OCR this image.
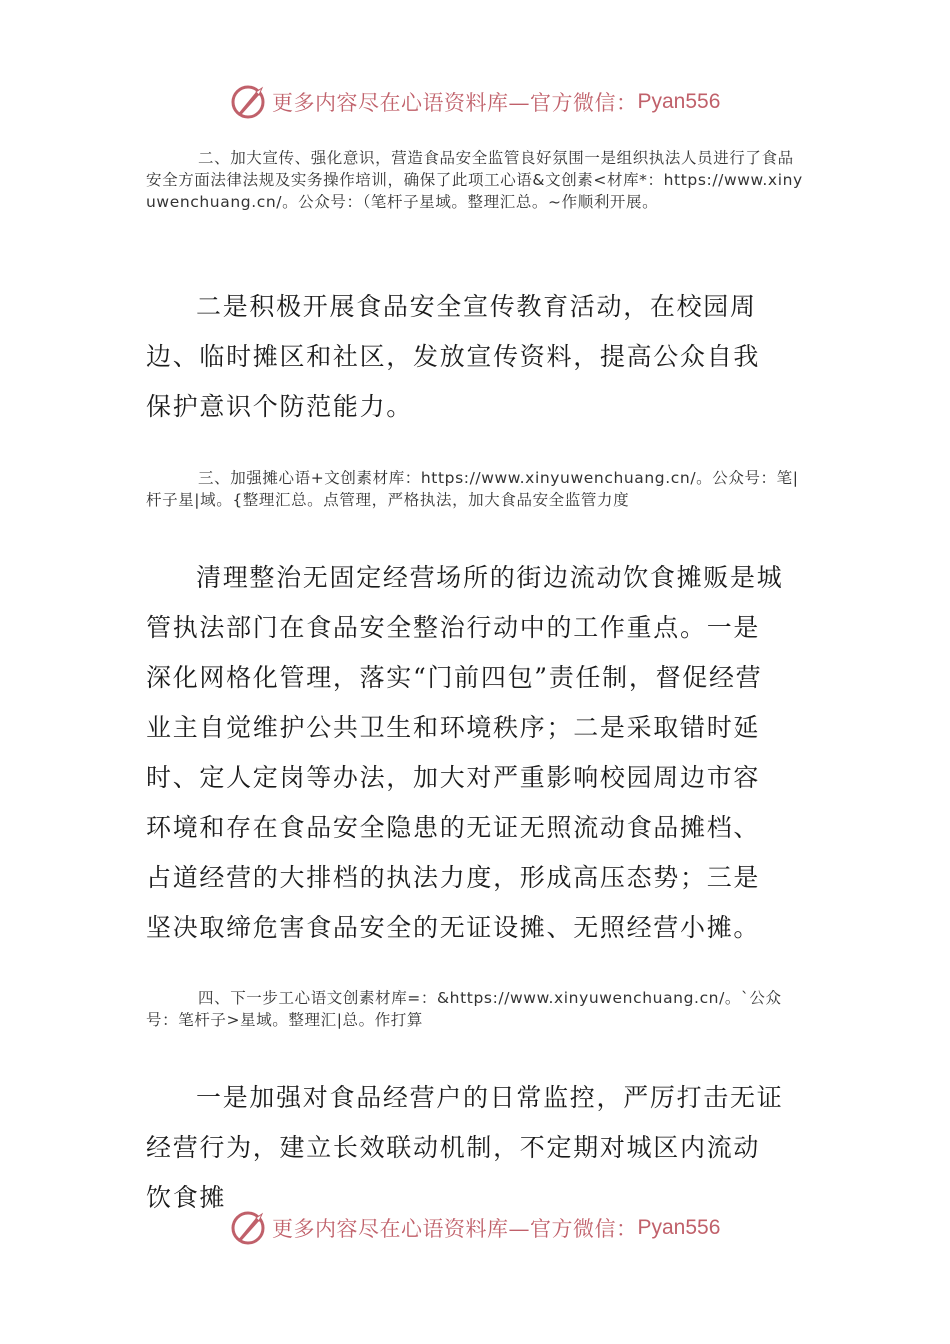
更多内容尽在心语资料库—官方微信： Pyan556

二、加大宣传、强化意识，营造食品安全监管良好氛围一是组织执法人员进行了食品安全方面法律法规及实务操作培训，确保了此项工心语&文创素<材库*：https://www.xinyuwenchuang.cn/。公众号：（笔杆子星域。整理汇总。~作顺利开展。

二是积极开展食品安全宣传教育活动，在校园周边、临时摊区和社区，发放宣传资料，提高公众自我保护意识个防范能力。

三、加强摊心语+文创素材库：https://www.xinyuwenchuang.cn/。公众号：笔|杆子星|域。{整理汇总。点管理，严格执法，加大食品安全监管力度

清理整治无固定经营场所的街边流动饮食摊贩是城管执法部门在食品安全整治行动中的工作重点。一是深化网格化管理，落实“门前四包”责任制，督促经营业主自觉维护公共卫生和环境秩序；二是采取错时延时、定人定岗等办法，加大对严重影响校园周边市容环境和存在食品安全隐患的无证无照流动食品摊档、占道经营的大排档的执法力度，形成高压态势；三是坚决取缔危害食品安全的无证设摊、无照经营小摊。

四、下一步工心语文创素材库=：&https://www.xinyuwenchuang.cn/。`公众号：笔杆子>星域。整理汇|总。作打算

一是加强对食品经营户的日常监控，严厉打击无证经营行为，建立长效联动机制，不定期对城区内流动饮食摊

更多内容尽在心语资料库—官方微信： Pyan556
